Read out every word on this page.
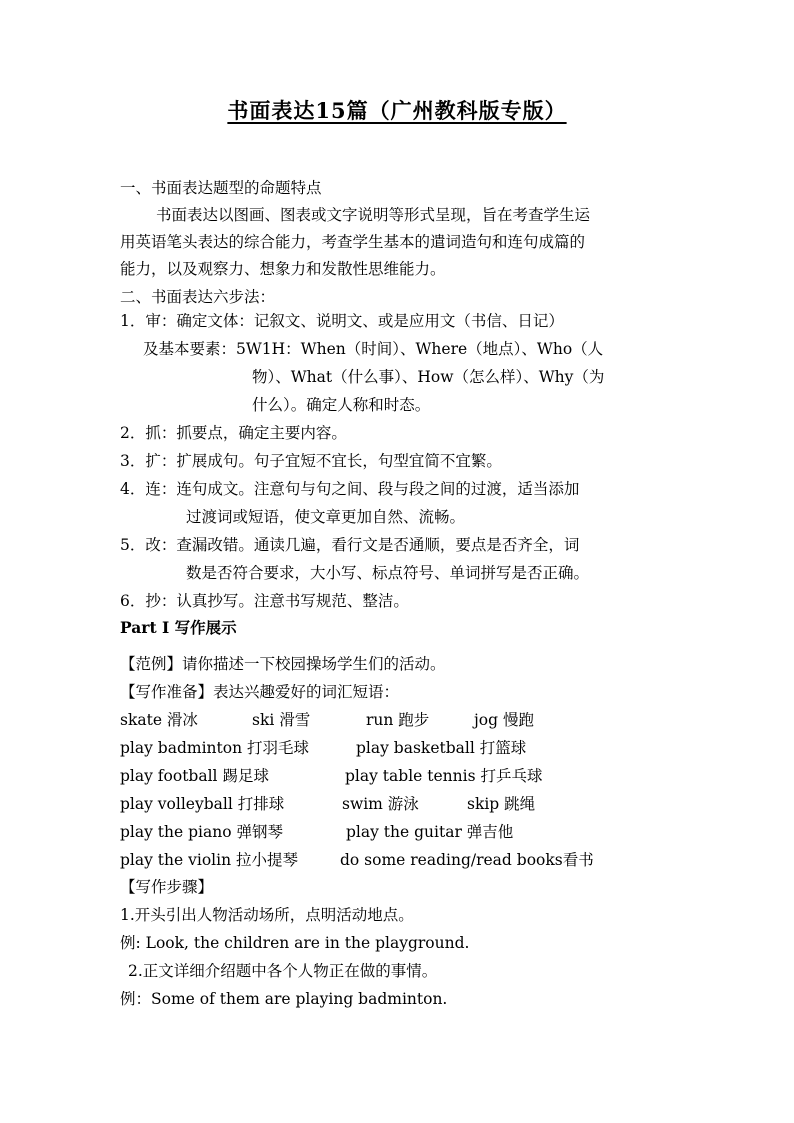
书面表达15篇（广州教科版专版）
一、书面表达题型的命题特点
书面表达以图画、图表或文字说明等形式呈现，旨在考查学生运
用英语笔头表达的综合能力，考查学生基本的遣词造句和连句成篇的
能力，以及观察力、想象力和发散性思维能力。
二、书面表达六步法：
1．审：确定文体：记叙文、说明文、或是应用文（书信、日记）
及基本要素：5W1H：When（时间）、Where（地点）、Who（人
物）、What（什么事）、How（怎么样）、Why（为
什么）。确定人称和时态。
2．抓：抓要点，确定主要内容。
3．扩：扩展成句。句子宜短不宜长，句型宜简不宜繁。
4．连：连句成文。注意句与句之间、段与段之间的过渡，适当添加
过渡词或短语，使文章更加自然、流畅。
5．改：查漏改错。通读几遍，看行文是否通顺，要点是否齐全，词
数是否符合要求，大小写、标点符号、单词拼写是否正确。
6．抄：认真抄写。注意书写规范、整洁。
Part I 写作展示
【范例】请你描述一下校园操场学生们的活动。
【写作准备】表达兴趣爱好的词汇短语：
skate 滑冰	ski 滑雪	run 跑步	jog 慢跑
play badminton 打羽毛球	play basketball 打篮球
play football 踢足球	play table tennis 打乒乓球
play volleyball 打排球	swim 游泳	skip 跳绳
play the piano 弹钢琴	play the guitar 弹吉他
play the violin 拉小提琴	do some reading/read books看书
【写作步骤】
1.开头引出人物活动场所，点明活动地点。
例: Look, the children are in the playground.
2.正文详细介绍题中各个人物正在做的事情。
例：Some of them are playing badminton.
